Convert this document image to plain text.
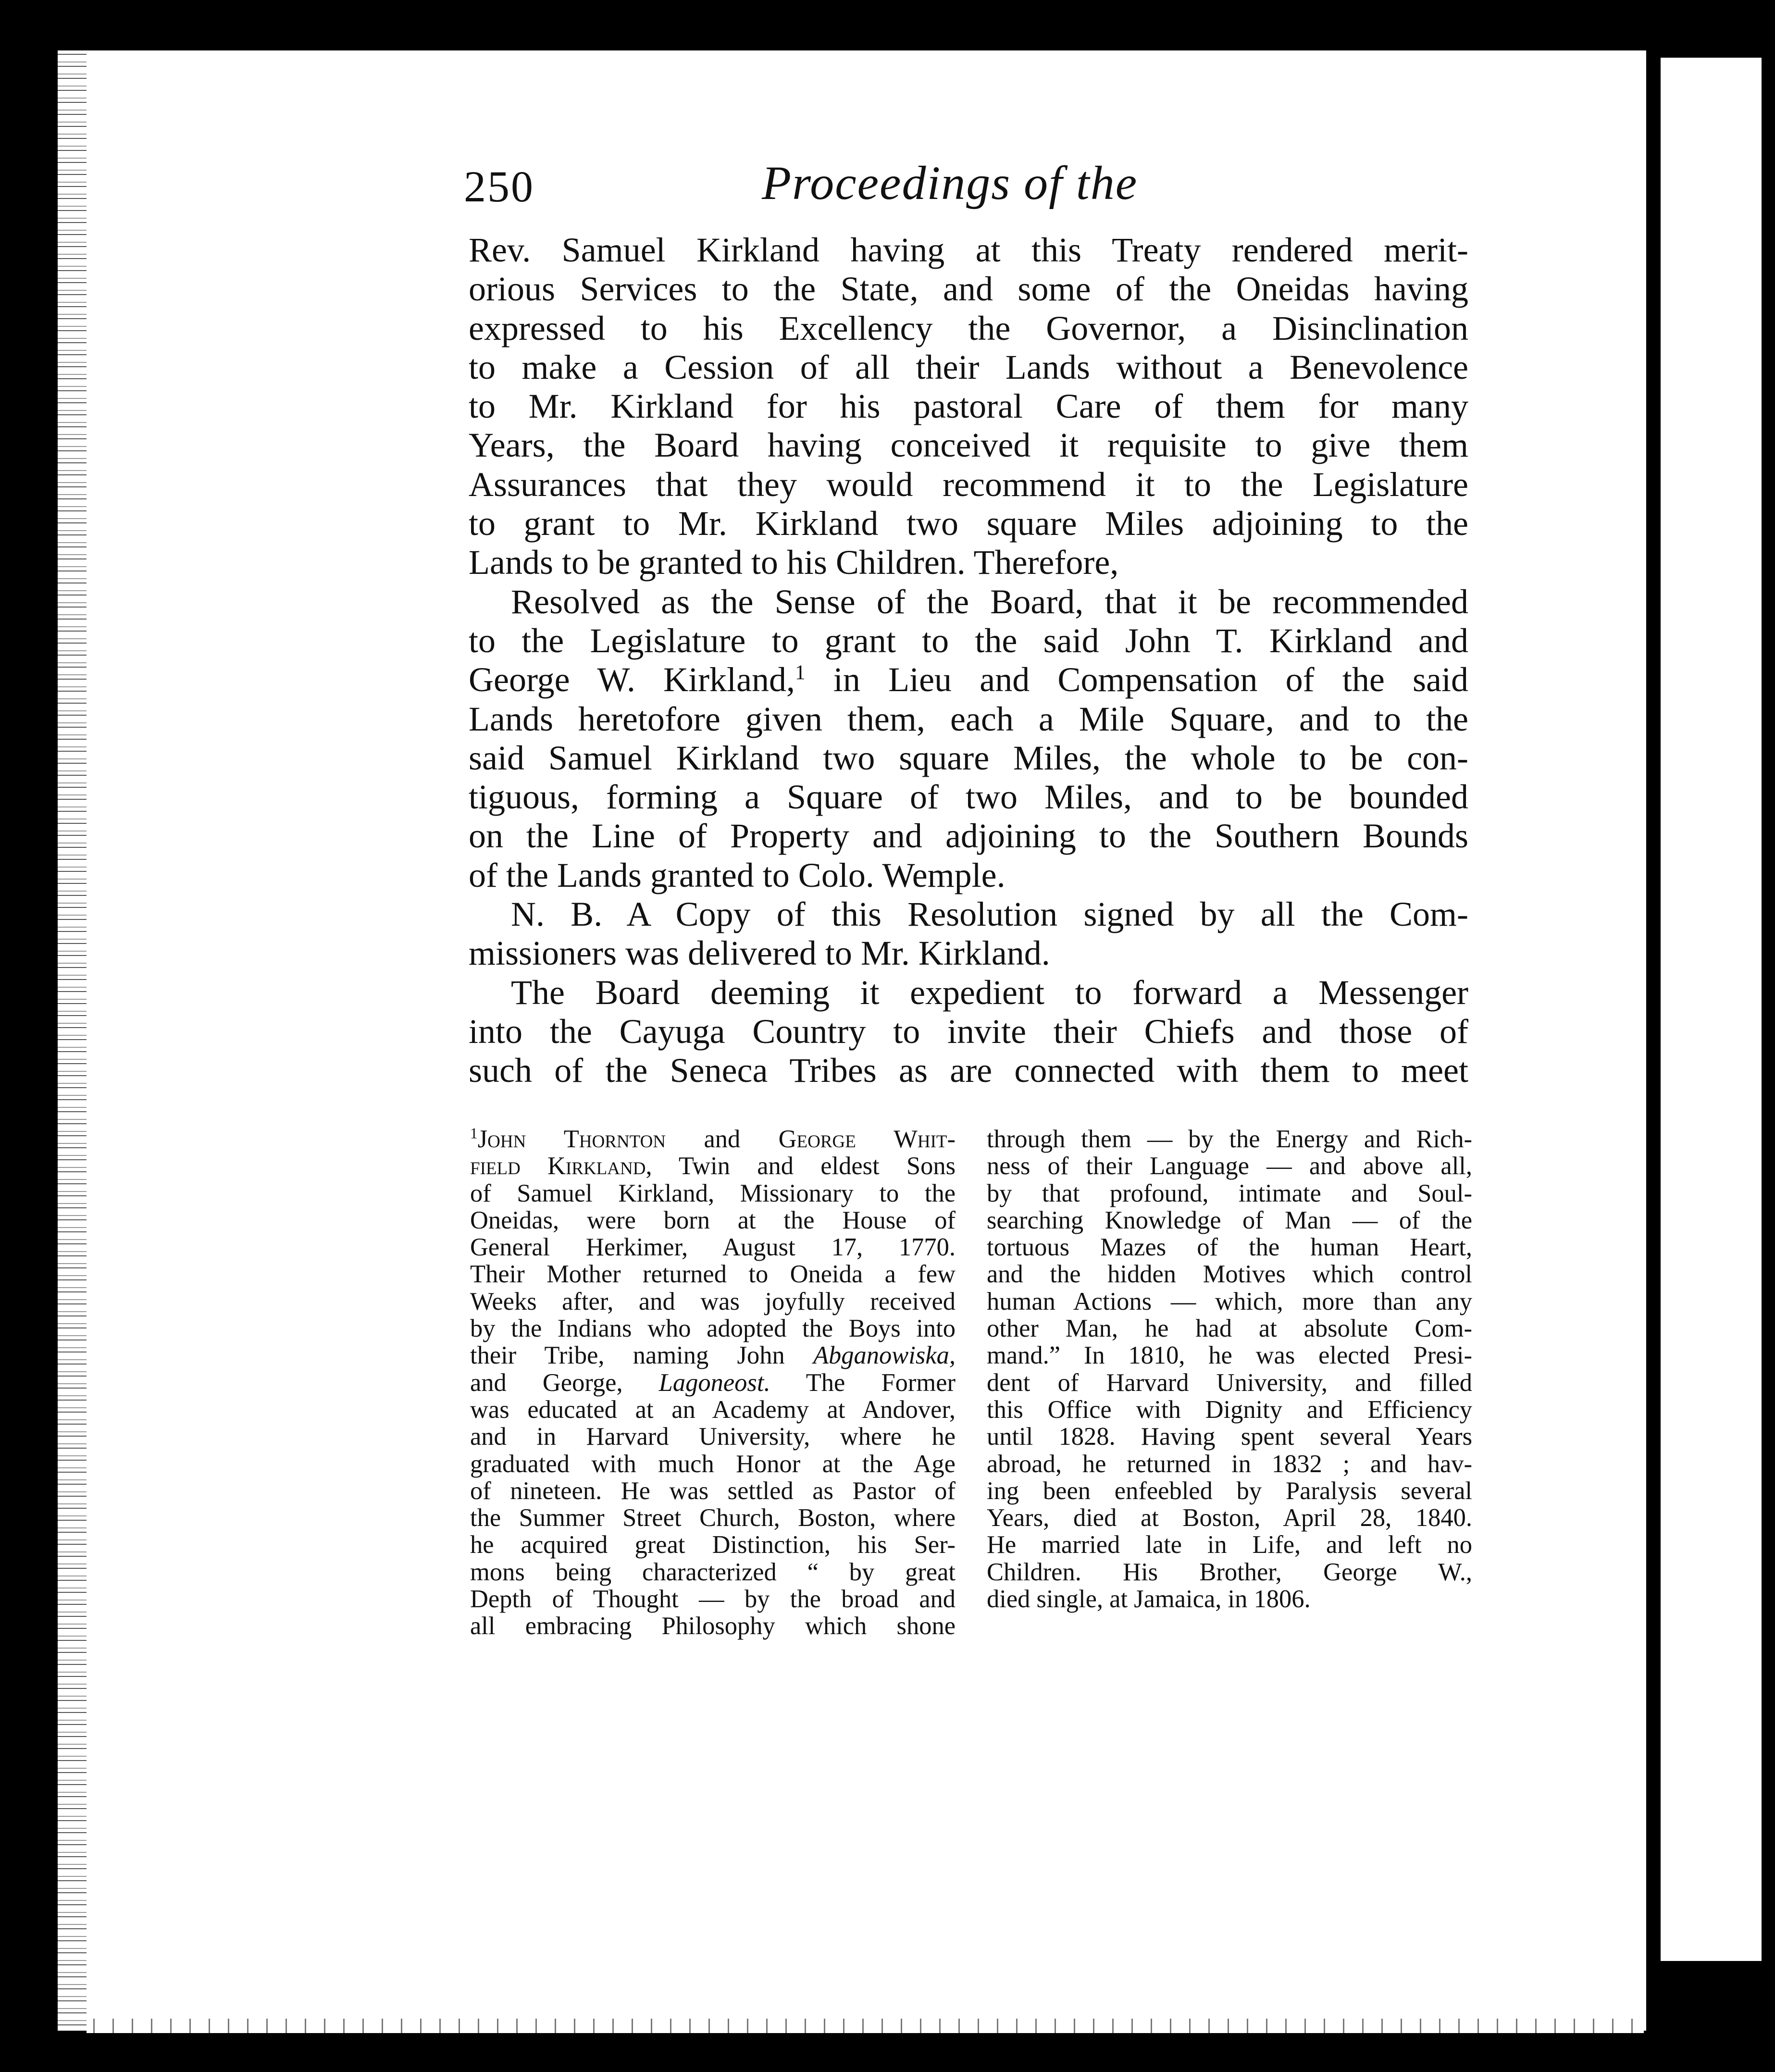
250	Proceedings of the
Rev. Samuel Kirkland having at this Treaty rendered merit-
orious Services to the State, and some of the Oneidas having
expressed to his Excellency the Governor, a Disinclination
to make a Cession of all their Lands without a Benevolence
to Mr. Kirkland for his pastoral Care of them for many
Years, the Board having conceived it requisite to give them
Assurances that they would recommend it to the Legislature
to grant to Mr. Kirkland two square Miles adjoining to the
Lands to be granted to his Children. Therefore,
Resolved as the Sense of the Board, that it be recommended
to the Legislature to grant to the said John T. Kirkland and
George W. Kirkland,$^1$ in Lieu and Compensation of the said
Lands heretofore given them, each a Mile Square, and to the
said Samuel Kirkland two square Miles, the whole to be con-
tiguous, forming a Square of two Miles, and to be bounded
on the Line of Property and adjoining to the Southern Bounds
of the Lands granted to Colo. Wemple.
N. B. A Copy of this Resolution signed by all the Com-
missioners was delivered to Mr. Kirkland.
The Board deeming it expedient to forward a Messenger
into the Cayuga Country to invite their Chiefs and those of
such of the Seneca Tribes as are connected with them to meet
$^1$John Thornton and George Whit-
field Kirkland, Twin and eldest Sons
of Samuel Kirkland, Missionary to the
Oneidas, were born at the House of
General Herkimer, August 17, 1770.
Their Mother returned to Oneida a few
Weeks after, and was joyfully received
by the Indians who adopted the Boys into
their Tribe, naming John Abganowiska,
and George, Lagoneost. The Former
was educated at an Academy at Andover,
and in Harvard University, where he
graduated with much Honor at the Age
of nineteen. He was settled as Pastor of
the Summer Street Church, Boston, where
he acquired great Distinction, his Ser-
mons being characterized “ by great
Depth of Thought — by the broad and
all embracing Philosophy which shone
through them — by the Energy and Rich-
ness of their Language — and above all,
by that profound, intimate and Soul-
searching Knowledge of Man — of the
tortuous Mazes of the human Heart,
and the hidden Motives which control
human Actions — which, more than any
other Man, he had at absolute Com-
mand.” In 1810, he was elected Presi-
dent of Harvard University, and filled
this Office with Dignity and Efficiency
until 1828. Having spent several Years
abroad, he returned in 1832 ; and hav-
ing been enfeebled by Paralysis several
Years, died at Boston, April 28, 1840.
He married late in Life, and left no
Children. His Brother, George W.,
died single, at Jamaica, in 1806.
